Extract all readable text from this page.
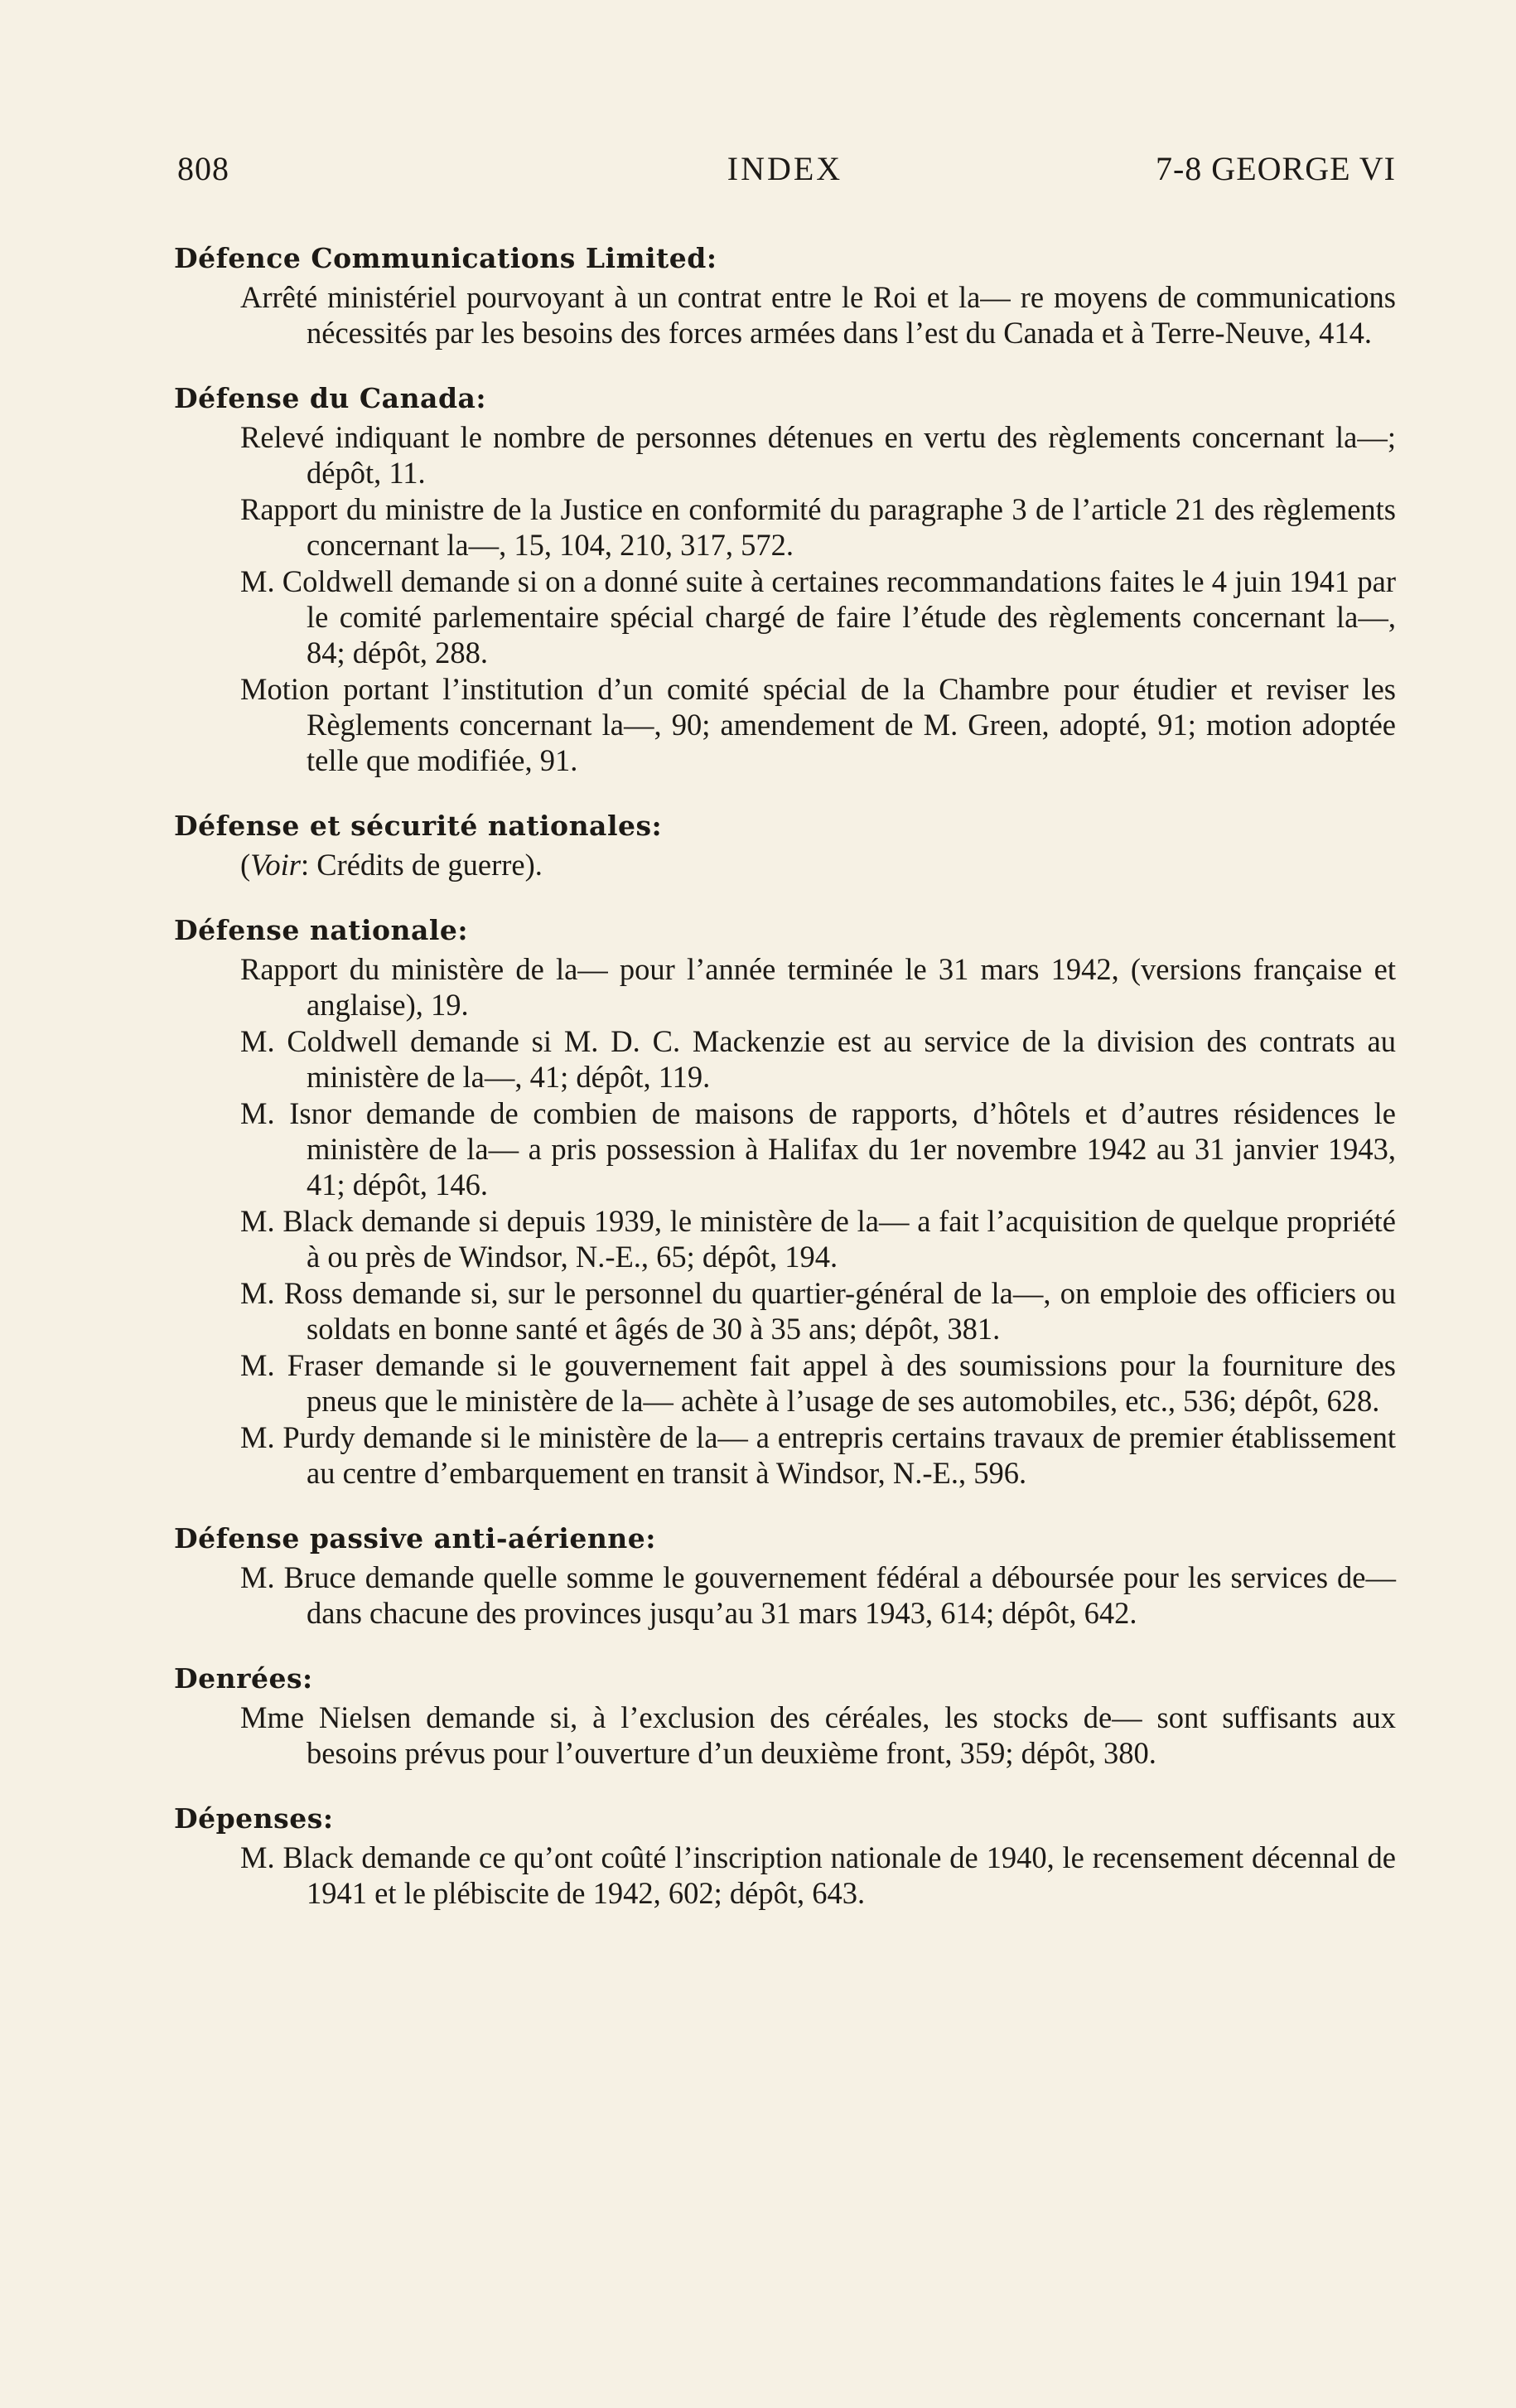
808	INDEX	7-8 GEORGE VI

Défence Communications Limited:

Arrêté ministériel pourvoyant à un contrat entre le Roi et la— re moyens de communications nécessités par les besoins des forces armées dans l’est du Canada et à Terre-Neuve, 414.

Défense du Canada:

Relevé indiquant le nombre de personnes détenues en vertu des règlements concernant la—; dépôt, 11.

Rapport du ministre de la Justice en conformité du paragraphe 3 de l’article 21 des règlements concernant la—, 15, 104, 210, 317, 572.

M. Coldwell demande si on a donné suite à certaines recommandations faites le 4 juin 1941 par le comité parlementaire spécial chargé de faire l’étude des règlements concernant la—, 84; dépôt, 288.

Motion portant l’institution d’un comité spécial de la Chambre pour étudier et reviser les Règlements concernant la—, 90; amendement de M. Green, adopté, 91; motion adoptée telle que modifiée, 91.

Défense et sécurité nationales:

(Voir: Crédits de guerre).

Défense nationale:

Rapport du ministère de la— pour l’année terminée le 31 mars 1942, (versions française et anglaise), 19.

M. Coldwell demande si M. D. C. Mackenzie est au service de la division des contrats au ministère de la—, 41; dépôt, 119.

M. Isnor demande de combien de maisons de rapports, d’hôtels et d’autres résidences le ministère de la— a pris possession à Halifax du 1er novembre 1942 au 31 janvier 1943, 41; dépôt, 146.

M. Black demande si depuis 1939, le ministère de la— a fait l’acquisition de quelque propriété à ou près de Windsor, N.-E., 65; dépôt, 194.

M. Ross demande si, sur le personnel du quartier-général de la—, on emploie des officiers ou soldats en bonne santé et âgés de 30 à 35 ans; dépôt, 381.

M. Fraser demande si le gouvernement fait appel à des soumissions pour la fourniture des pneus que le ministère de la— achète à l’usage de ses automobiles, etc., 536; dépôt, 628.

M. Purdy demande si le ministère de la— a entrepris certains travaux de premier établissement au centre d’embarquement en transit à Windsor, N.-E., 596.

Défense passive anti-aérienne:

M. Bruce demande quelle somme le gouvernement fédéral a déboursée pour les services de— dans chacune des provinces jusqu’au 31 mars 1943, 614; dépôt, 642.

Denrées:

Mme Nielsen demande si, à l’exclusion des céréales, les stocks de— sont suffisants aux besoins prévus pour l’ouverture d’un deuxième front, 359; dépôt, 380.

Dépenses:

M. Black demande ce qu’ont coûté l’inscription nationale de 1940, le recensement décennal de 1941 et le plébiscite de 1942, 602; dépôt, 643.
